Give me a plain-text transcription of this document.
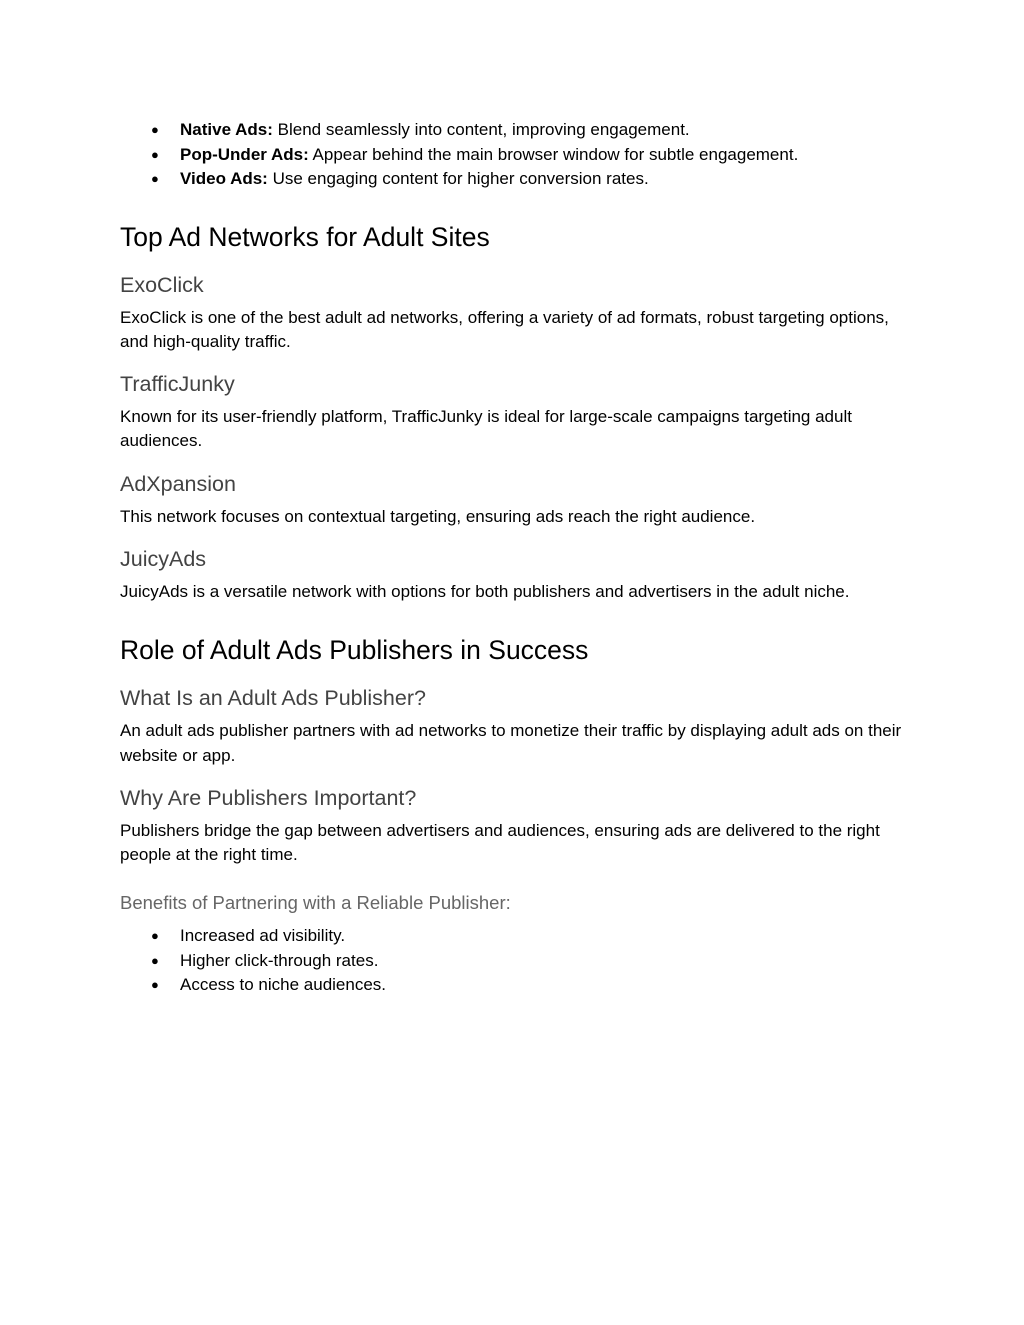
● Native Ads: Blend seamlessly into content, improving engagement.
● Pop-Under Ads: Appear behind the main browser window for subtle engagement.
● Video Ads: Use engaging content for higher conversion rates.
Top Ad Networks for Adult Sites
ExoClick

ExoClick is one of the best adult ad networks, offering a variety of ad formats, robust targeting options, and high-quality traffic.

TrafficJunky

Known for its user-friendly platform, TrafficJunky is ideal for large-scale campaigns targeting adult audiences.

AdXpansion

This network focuses on contextual targeting, ensuring ads reach the right audience.

JuicyAds

JuicyAds is a versatile network with options for both publishers and advertisers in the adult niche.

Role of Adult Ads Publishers in Success
What Is an Adult Ads Publisher?

An adult ads publisher partners with ad networks to monetize their traffic by displaying adult ads on their website or app.

Why Are Publishers Important?

Publishers bridge the gap between advertisers and audiences, ensuring ads are delivered to the right people at the right time.

Benefits of Partnering with a Reliable Publisher:
● Increased ad visibility.
● Higher click-through rates.
● Access to niche audiences.
